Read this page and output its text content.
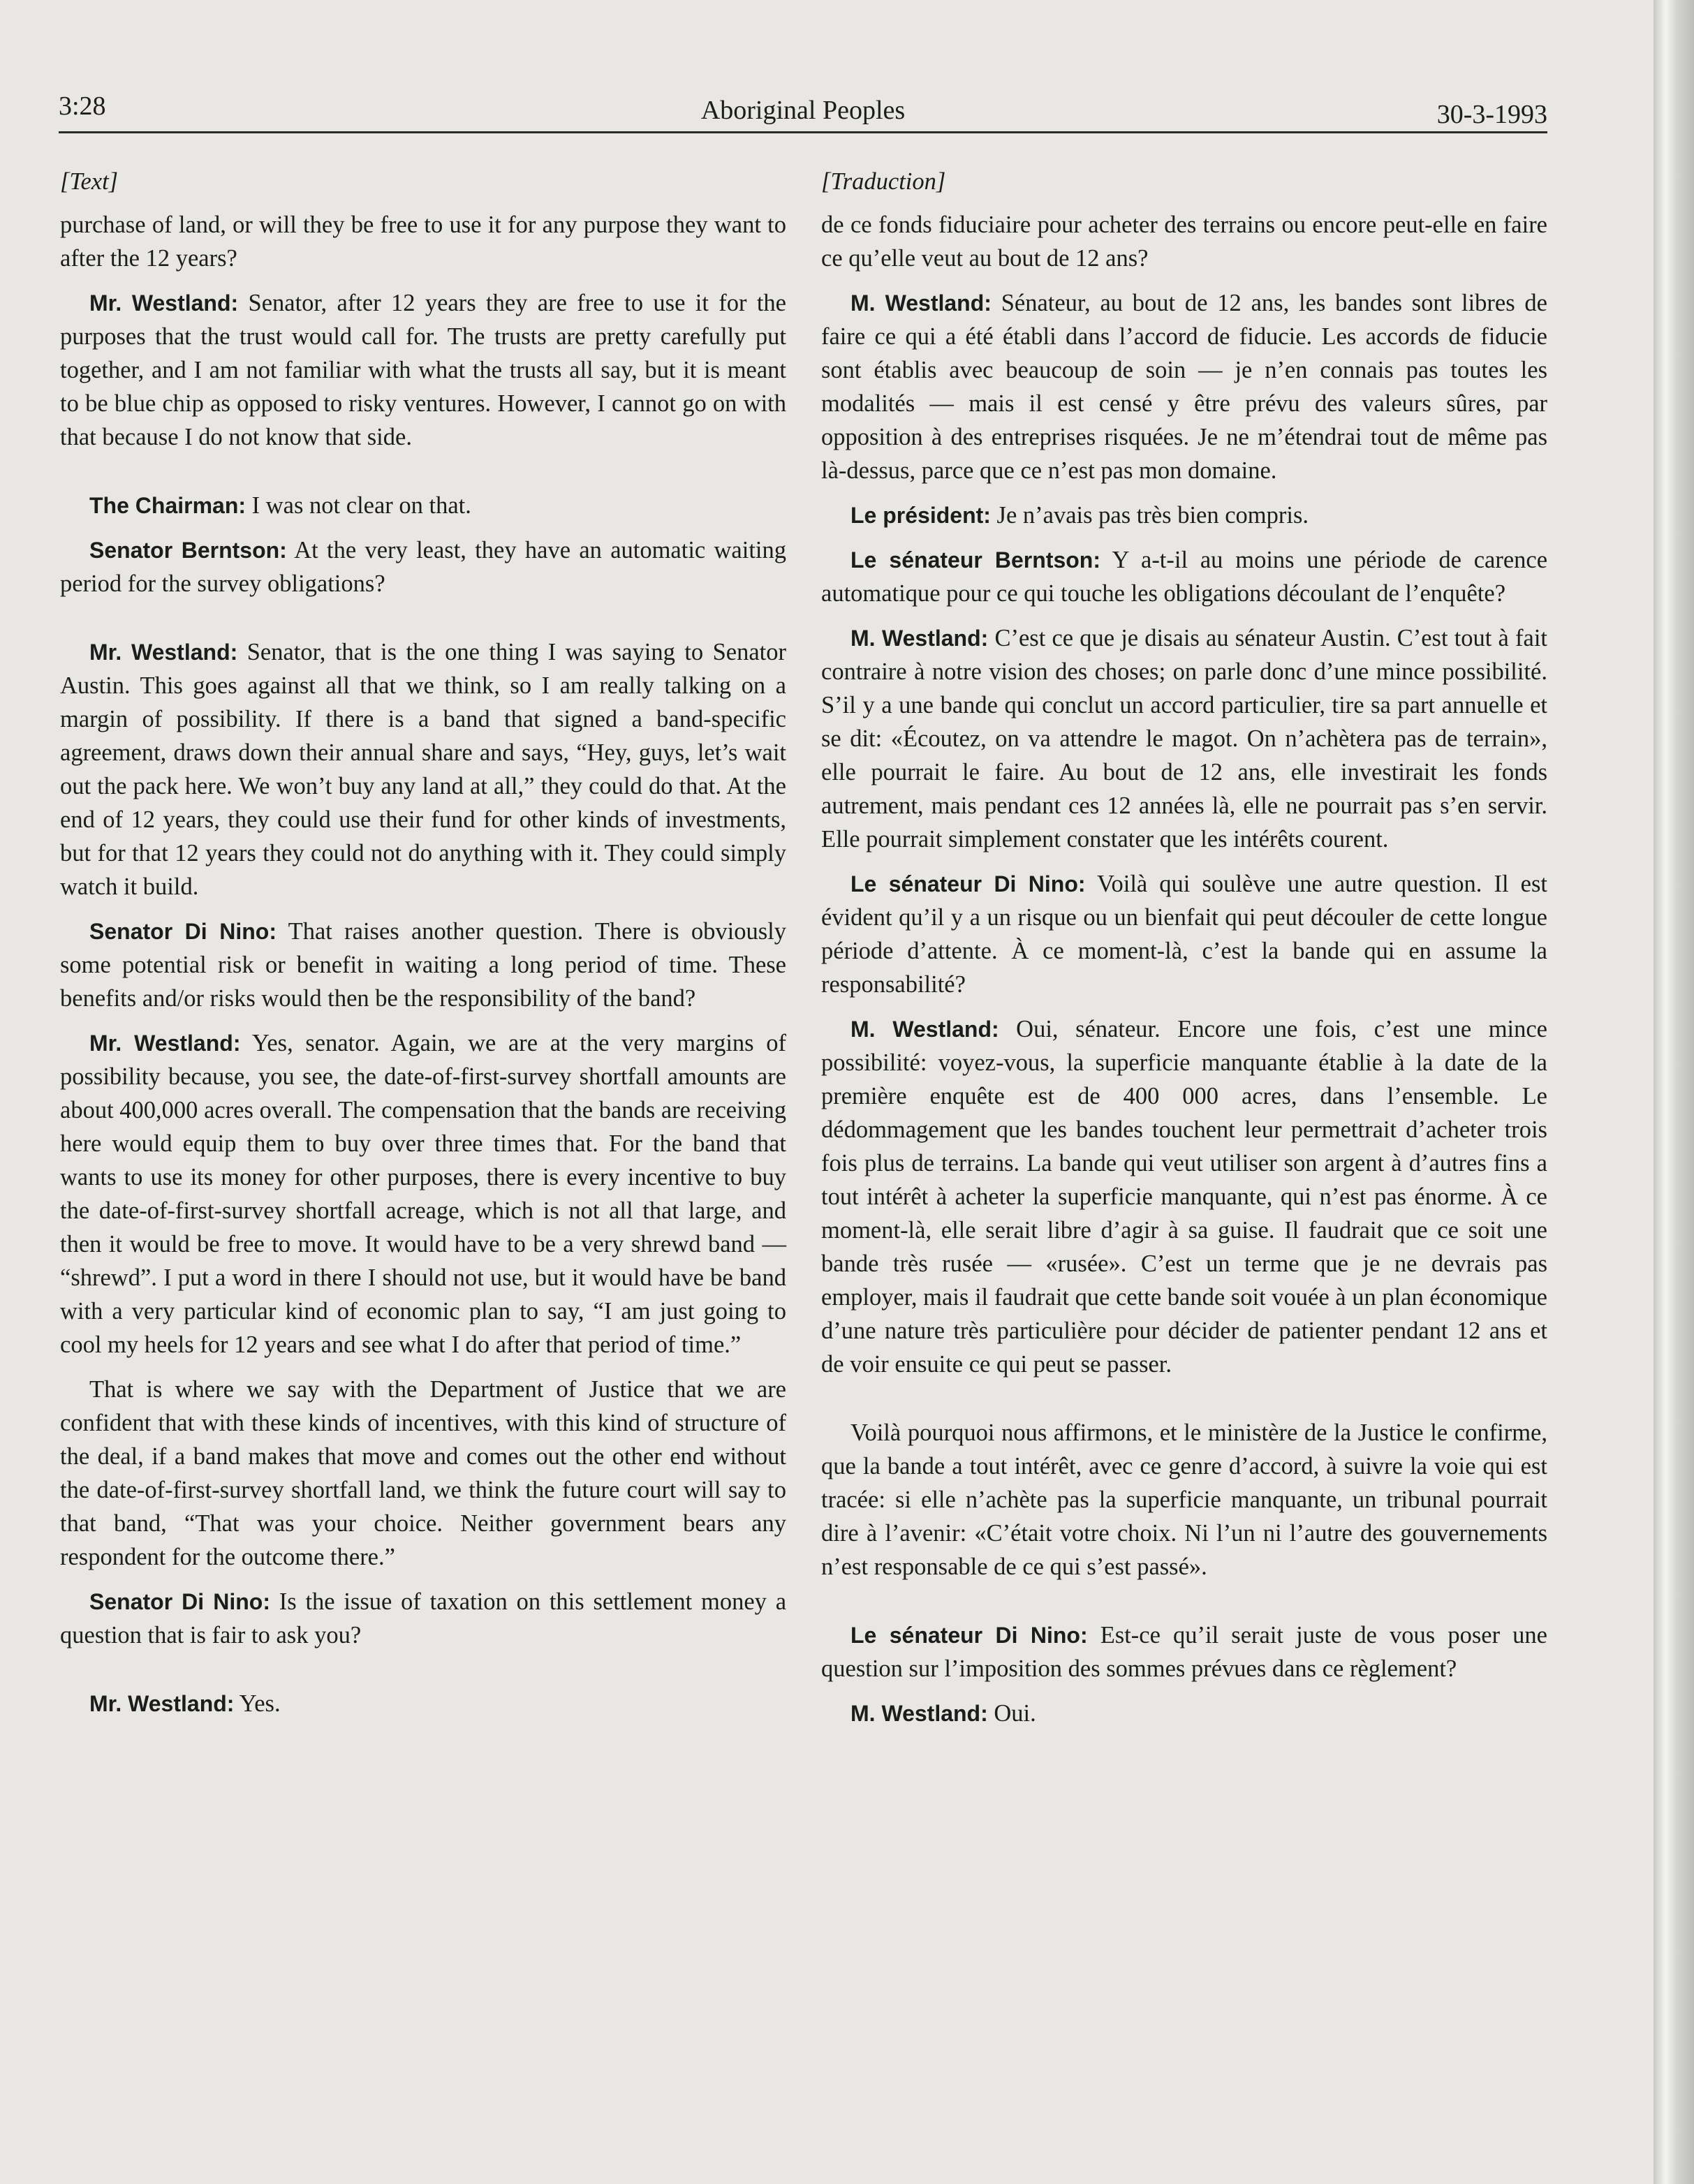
3:28	Aboriginal Peoples	30-3-1993

[Text]

purchase of land, or will they be free to use it for any purpose they want to after the 12 years?

Mr. Westland: Senator, after 12 years they are free to use it for the purposes that the trust would call for. The trusts are pretty carefully put together, and I am not familiar with what the trusts all say, but it is meant to be blue chip as opposed to risky ventures. However, I cannot go on with that because I do not know that side.

The Chairman: I was not clear on that.

Senator Berntson: At the very least, they have an automatic waiting period for the survey obligations?

Mr. Westland: Senator, that is the one thing I was saying to Senator Austin. This goes against all that we think, so I am really talking on a margin of possibility. If there is a band that signed a band-specific agreement, draws down their annual share and says, “Hey, guys, let’s wait out the pack here. We won’t buy any land at all,” they could do that. At the end of 12 years, they could use their fund for other kinds of investments, but for that 12 years they could not do anything with it. They could simply watch it build.

Senator Di Nino: That raises another question. There is obviously some potential risk or benefit in waiting a long period of time. These benefits and/or risks would then be the responsibility of the band?

Mr. Westland: Yes, senator. Again, we are at the very margins of possibility because, you see, the date-of-first-survey shortfall amounts are about 400,000 acres overall. The compensation that the bands are receiving here would equip them to buy over three times that. For the band that wants to use its money for other purposes, there is every incentive to buy the date-of-first-survey shortfall acreage, which is not all that large, and then it would be free to move. It would have to be a very shrewd band — “shrewd”. I put a word in there I should not use, but it would have be band with a very particular kind of economic plan to say, “I am just going to cool my heels for 12 years and see what I do after that period of time.”

That is where we say with the Department of Justice that we are confident that with these kinds of incentives, with this kind of structure of the deal, if a band makes that move and comes out the other end without the date-of-first-survey shortfall land, we think the future court will say to that band, “That was your choice. Neither government bears any respondent for the outcome there.”

Senator Di Nino: Is the issue of taxation on this settlement money a question that is fair to ask you?

Mr. Westland: Yes.

[Traduction]

de ce fonds fiduciaire pour acheter des terrains ou encore peut-elle en faire ce qu’elle veut au bout de 12 ans?

M. Westland: Sénateur, au bout de 12 ans, les bandes sont libres de faire ce qui a été établi dans l’accord de fiducie. Les accords de fiducie sont établis avec beaucoup de soin — je n’en connais pas toutes les modalités — mais il est censé y être prévu des valeurs sûres, par opposition à des entreprises risquées. Je ne m’étendrai tout de même pas là-dessus, parce que ce n’est pas mon domaine.

Le président: Je n’avais pas très bien compris.

Le sénateur Berntson: Y a-t-il au moins une période de carence automatique pour ce qui touche les obligations découlant de l’enquête?

M. Westland: C’est ce que je disais au sénateur Austin. C’est tout à fait contraire à notre vision des choses; on parle donc d’une mince possibilité. S’il y a une bande qui conclut un accord particulier, tire sa part annuelle et se dit: «Écoutez, on va attendre le magot. On n’achètera pas de terrain», elle pourrait le faire. Au bout de 12 ans, elle investirait les fonds autrement, mais pendant ces 12 années là, elle ne pourrait pas s’en servir. Elle pourrait simplement constater que les intérêts courent.

Le sénateur Di Nino: Voilà qui soulève une autre question. Il est évident qu’il y a un risque ou un bienfait qui peut découler de cette longue période d’attente. À ce moment-là, c’est la bande qui en assume la responsabilité?

M. Westland: Oui, sénateur. Encore une fois, c’est une mince possibilité: voyez-vous, la superficie manquante établie à la date de la première enquête est de 400 000 acres, dans l’ensemble. Le dédommagement que les bandes touchent leur permettrait d’acheter trois fois plus de terrains. La bande qui veut utiliser son argent à d’autres fins a tout intérêt à acheter la superficie manquante, qui n’est pas énorme. À ce moment-là, elle serait libre d’agir à sa guise. Il faudrait que ce soit une bande très rusée — «rusée». C’est un terme que je ne devrais pas employer, mais il faudrait que cette bande soit vouée à un plan économique d’une nature très particulière pour décider de patienter pendant 12 ans et de voir ensuite ce qui peut se passer.

Voilà pourquoi nous affirmons, et le ministère de la Justice le confirme, que la bande a tout intérêt, avec ce genre d’accord, à suivre la voie qui est tracée: si elle n’achète pas la superficie manquante, un tribunal pourrait dire à l’avenir: «C’était votre choix. Ni l’un ni l’autre des gouvernements n’est responsable de ce qui s’est passé».

Le sénateur Di Nino: Est-ce qu’il serait juste de vous poser une question sur l’imposition des sommes prévues dans ce règlement?

M. Westland: Oui.
